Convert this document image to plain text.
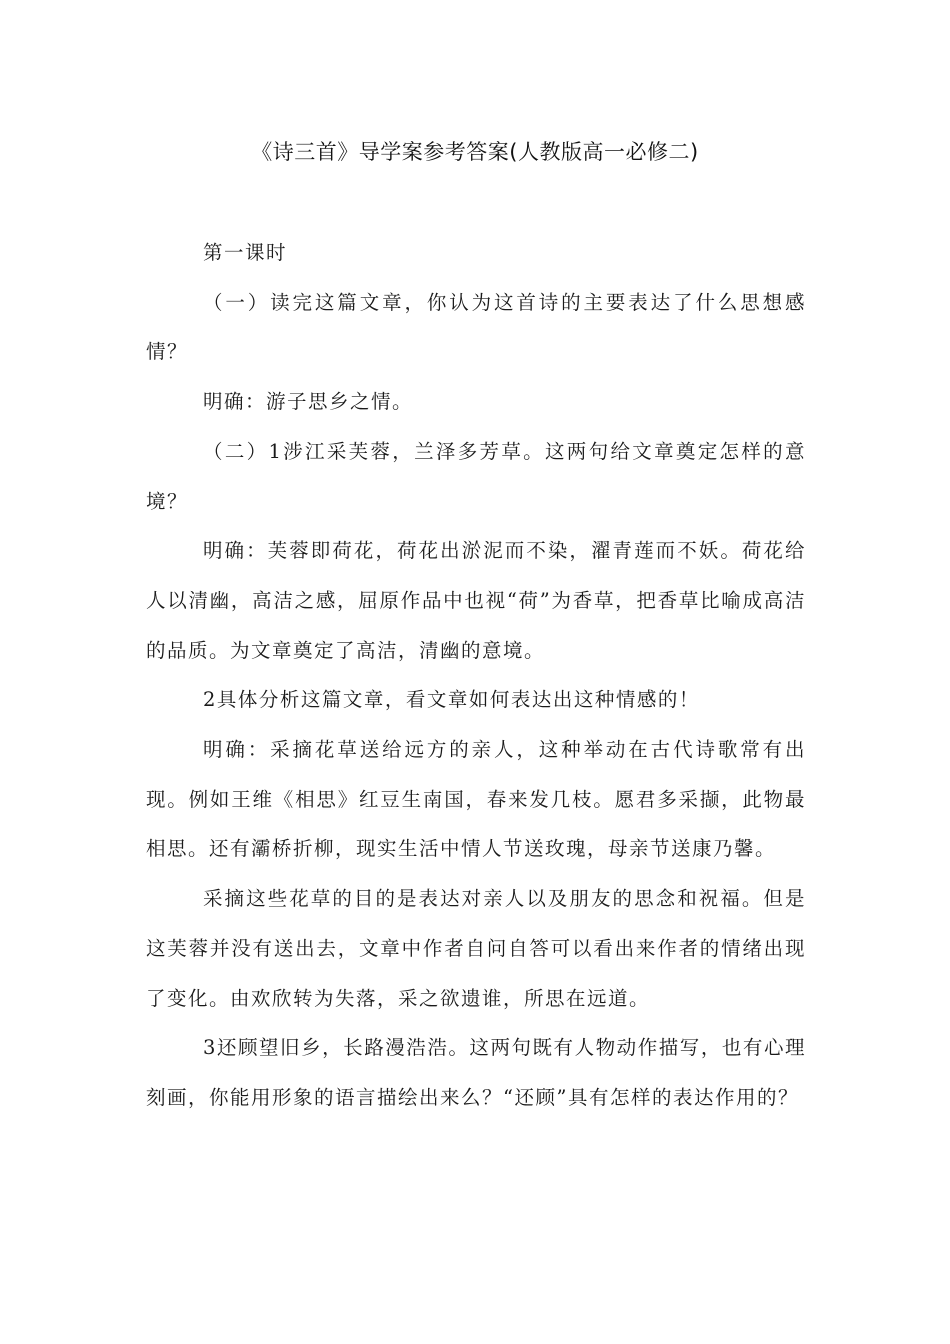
《诗三首》导学案参考答案(人教版高一必修二)

第一课时

（一）读完这篇文章，你认为这首诗的主要表达了什么思想感情？

明确：游子思乡之情。

（二）1涉江采芙蓉，兰泽多芳草。这两句给文章奠定怎样的意境？

明确：芙蓉即荷花，荷花出淤泥而不染，濯青莲而不妖。荷花给人以清幽，高洁之感，屈原作品中也视“荷”为香草，把香草比喻成高洁的品质。为文章奠定了高洁，清幽的意境。

2具体分析这篇文章，看文章如何表达出这种情感的！

明确：采摘花草送给远方的亲人，这种举动在古代诗歌常有出现。例如王维《相思》红豆生南国，春来发几枝。愿君多采撷，此物最相思。还有灞桥折柳，现实生活中情人节送玫瑰，母亲节送康乃馨。

采摘这些花草的目的是表达对亲人以及朋友的思念和祝福。但是这芙蓉并没有送出去，文章中作者自问自答可以看出来作者的情绪出现了变化。由欢欣转为失落，采之欲遗谁，所思在远道。

3还顾望旧乡，长路漫浩浩。这两句既有人物动作描写，也有心理刻画，你能用形象的语言描绘出来么？“还顾”具有怎样的表达作用的？
